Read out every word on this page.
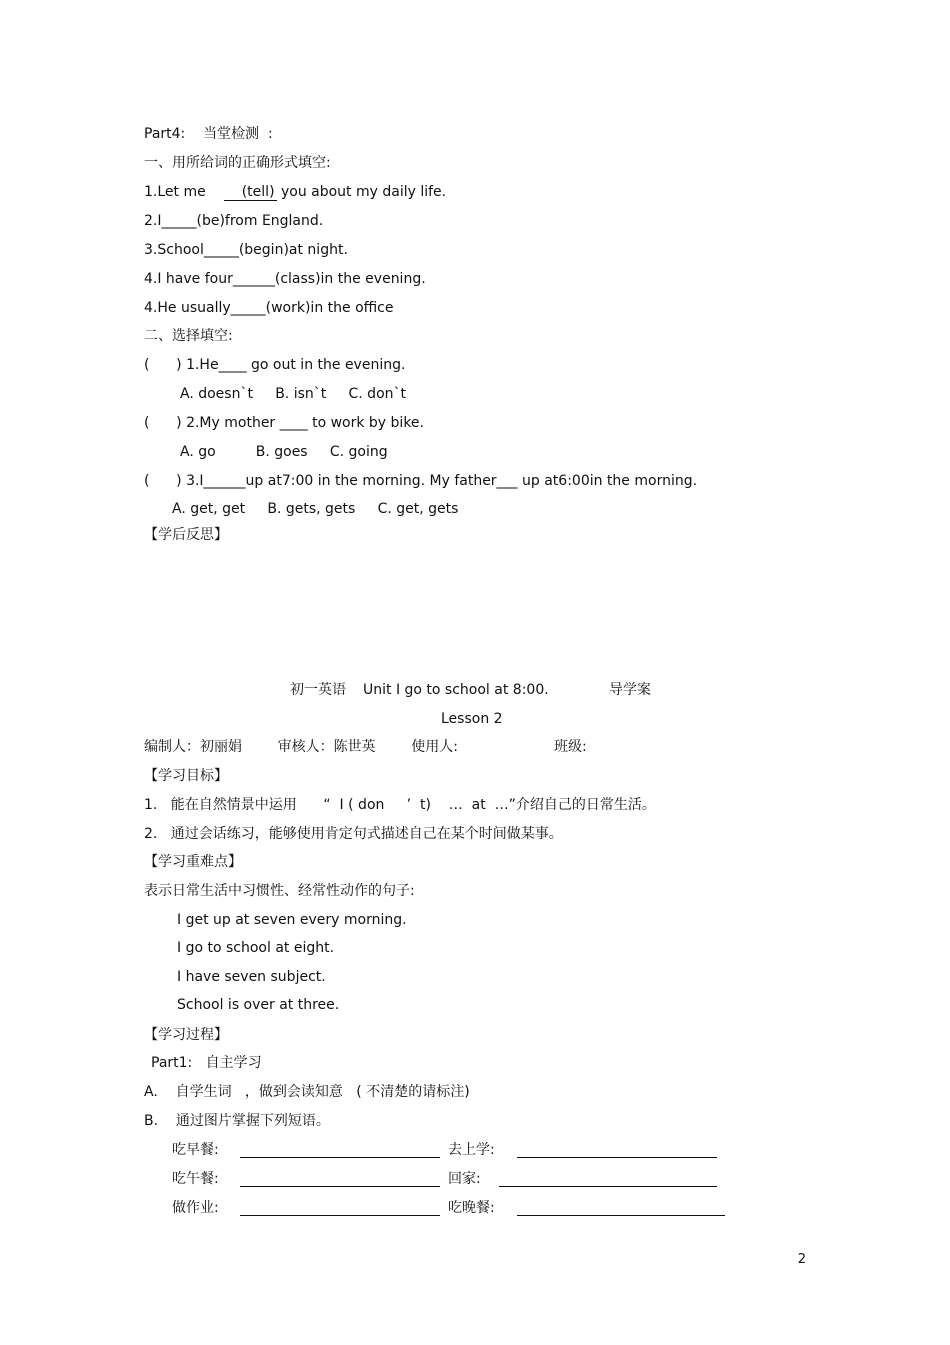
Part4:    当堂检测  :
一、用所给词的正确形式填空:
1.Let me	(tell) you about my daily life.
2.I_____(be)from England.
3.School_____(begin)at night.
4.I have four______(class)in the evening.
4.He usually_____(work)in the office
二、选择填空:
(      ) 1.He____ go out in the evening.
A. doesn`t     B. isn`t     C. don`t
(      ) 2.My mother ____ to work by bike.
A. go         B. goes     C. going
(      ) 3.I______up at7:00 in the morning. My father___ up at6:00in the morning.
A. get, get     B. gets, gets     C. get, gets
【学后反思】
初一英语 Unit I go to school at 8:00.	导学案
Lesson 2
编制人：初丽娟        审核人：陈世英        使用人:	班级:
【学习目标】
1.   能在自然情景中运用      “  I ( don     ’  t)    …  at  …”介绍自己的日常生活。
2.   通过会话练习，能够使用肯定句式描述自己在某个时间做某事。
【学习重难点】
表示日常生活中习惯性、经常性动作的句子:
I get up at seven every morning.
I go to school at eight.
I have seven subject.
School is over at three.
【学习过程】
Part1:   自主学习
A.    自学生词   ，做到会读知意   ( 不清楚的请标注)
B.    通过图片掌握下列短语。
吃早餐:	去上学:
吃午餐:	回家:
做作业:	吃晚餐:
2
